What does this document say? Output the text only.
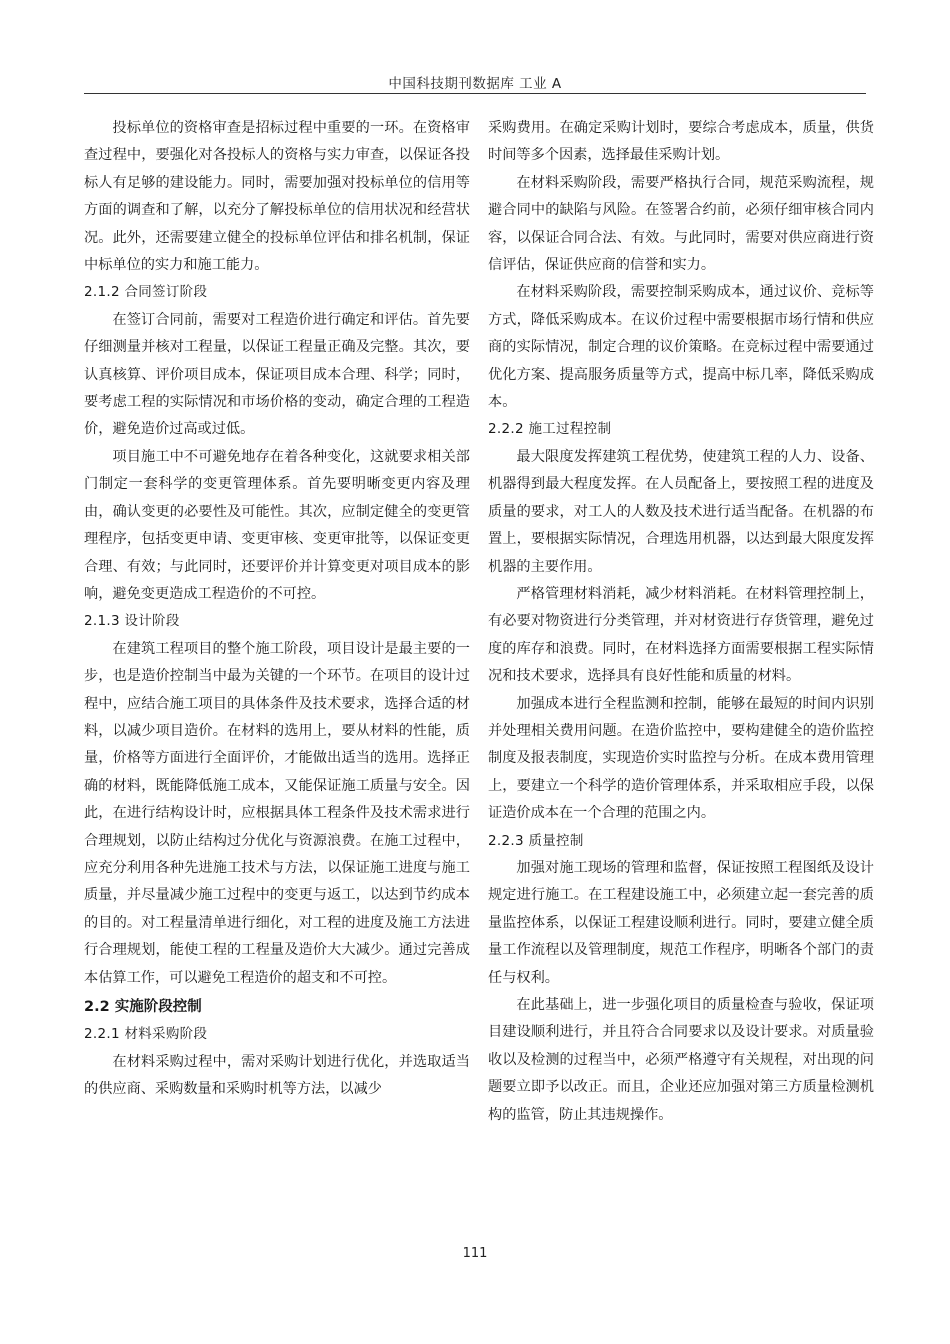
中国科技期刊数据库 工业 A

投标单位的资格审查是招标过程中重要的一环。在资格审查过程中，要强化对各投标人的资格与实力审查，以保证各投标人有足够的建设能力。同时，需要加强对投标单位的信用等方面的调查和了解，以充分了解投标单位的信用状况和经营状况。此外，还需要建立健全的投标单位评估和排名机制，保证中标单位的实力和施工能力。

2.1.2 合同签订阶段

在签订合同前，需要对工程造价进行确定和评估。首先要仔细测量并核对工程量，以保证工程量正确及完整。其次，要认真核算、评价项目成本，保证项目成本合理、科学；同时，要考虑工程的实际情况和市场价格的变动，确定合理的工程造价，避免造价过高或过低。

项目施工中不可避免地存在着各种变化，这就要求相关部门制定一套科学的变更管理体系。首先要明晰变更内容及理由，确认变更的必要性及可能性。其次，应制定健全的变更管理程序，包括变更申请、变更审核、变更审批等，以保证变更合理、有效；与此同时，还要评价并计算变更对项目成本的影响，避免变更造成工程造价的不可控。

2.1.3 设计阶段

在建筑工程项目的整个施工阶段，项目设计是最主要的一步，也是造价控制当中最为关键的一个环节。在项目的设计过程中，应结合施工项目的具体条件及技术要求，选择合适的材料，以减少项目造价。在材料的选用上，要从材料的性能，质量，价格等方面进行全面评价，才能做出适当的选用。选择正确的材料，既能降低施工成本，又能保证施工质量与安全。因此，在进行结构设计时，应根据具体工程条件及技术需求进行合理规划，以防止结构过分优化与资源浪费。在施工过程中，应充分利用各种先进施工技术与方法，以保证施工进度与施工质量，并尽量减少施工过程中的变更与返工，以达到节约成本的目的。对工程量清单进行细化，对工程的进度及施工方法进行合理规划，能使工程的工程量及造价大大减少。通过完善成本估算工作，可以避免工程造价的超支和不可控。

2.2 实施阶段控制
2.2.1 材料采购阶段

在材料采购过程中，需对采购计划进行优化，并选取适当的供应商、采购数量和采购时机等方法，以减少

采购费用。在确定采购计划时，要综合考虑成本，质量，供货时间等多个因素，选择最佳采购计划。

在材料采购阶段，需要严格执行合同，规范采购流程，规避合同中的缺陷与风险。在签署合约前，必须仔细审核合同内容，以保证合同合法、有效。与此同时，需要对供应商进行资信评估，保证供应商的信誉和实力。

在材料采购阶段，需要控制采购成本，通过议价、竞标等方式，降低采购成本。在议价过程中需要根据市场行情和供应商的实际情况，制定合理的议价策略。在竞标过程中需要通过优化方案、提高服务质量等方式，提高中标几率，降低采购成本。

2.2.2 施工过程控制

最大限度发挥建筑工程优势，使建筑工程的人力、设备、机器得到最大程度发挥。在人员配备上，要按照工程的进度及质量的要求，对工人的人数及技术进行适当配备。在机器的布置上，要根据实际情况，合理选用机器，以达到最大限度发挥机器的主要作用。

严格管理材料消耗，减少材料消耗。在材料管理控制上，有必要对物资进行分类管理，并对材资进行存货管理，避免过度的库存和浪费。同时，在材料选择方面需要根据工程实际情况和技术要求，选择具有良好性能和质量的材料。

加强成本进行全程监测和控制，能够在最短的时间内识别并处理相关费用问题。在造价监控中，要构建健全的造价监控制度及报表制度，实现造价实时监控与分析。在成本费用管理上，要建立一个科学的造价管理体系，并采取相应手段，以保证造价成本在一个合理的范围之内。

2.2.3 质量控制

加强对施工现场的管理和监督，保证按照工程图纸及设计规定进行施工。在工程建设施工中，必须建立起一套完善的质量监控体系，以保证工程建设顺利进行。同时，要建立健全质量工作流程以及管理制度，规范工作程序，明晰各个部门的责任与权利。

在此基础上，进一步强化项目的质量检查与验收，保证项目建设顺利进行，并且符合合同要求以及设计要求。对质量验收以及检测的过程当中，必须严格遵守有关规程，对出现的问题要立即予以改正。而且，企业还应加强对第三方质量检测机构的监管，防止其违规操作。

111
